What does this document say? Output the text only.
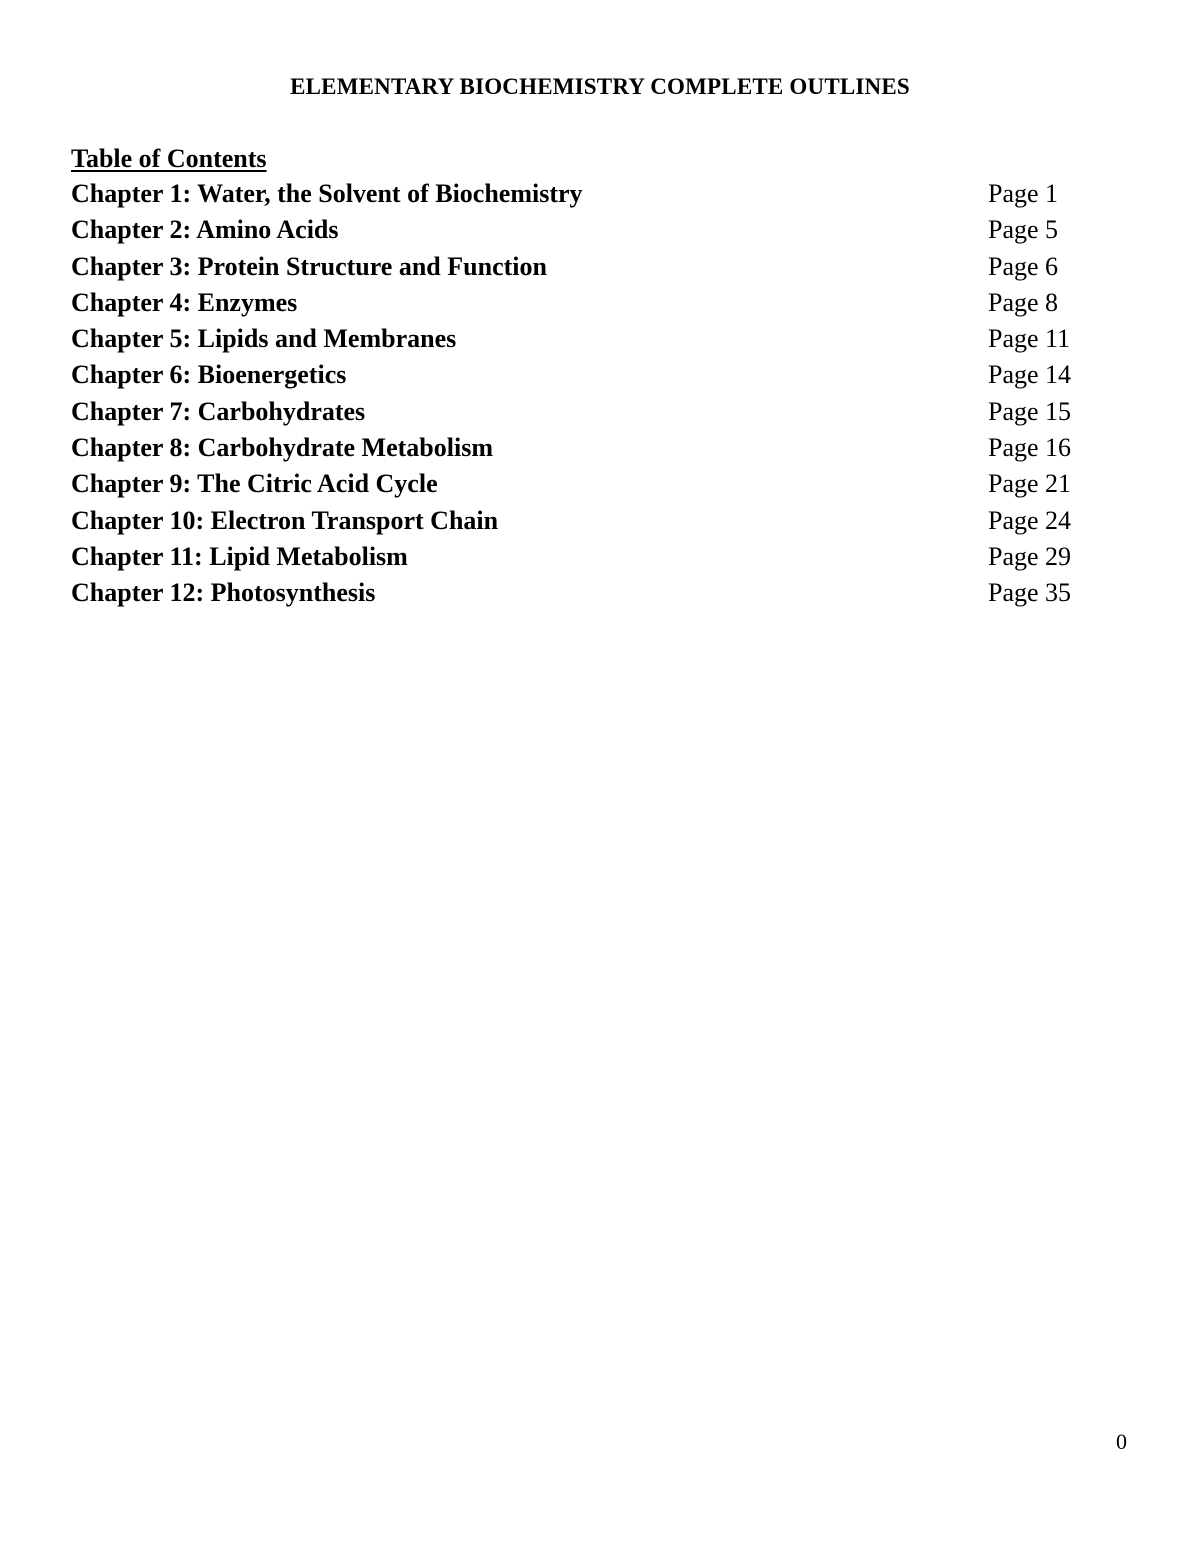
ELEMENTARY BIOCHEMISTRY COMPLETE OUTLINES
Table of Contents
Chapter 1: Water, the Solvent of Biochemistry	Page 1
Chapter 2: Amino Acids	Page 5
Chapter 3: Protein Structure and Function	Page 6
Chapter 4: Enzymes	Page 8
Chapter 5: Lipids and Membranes	Page 11
Chapter 6: Bioenergetics	Page 14
Chapter 7: Carbohydrates	Page 15
Chapter 8: Carbohydrate Metabolism	Page 16
Chapter 9: The Citric Acid Cycle	Page 21
Chapter 10: Electron Transport Chain	Page 24
Chapter 11: Lipid Metabolism	Page 29
Chapter 12: Photosynthesis	Page 35
0
